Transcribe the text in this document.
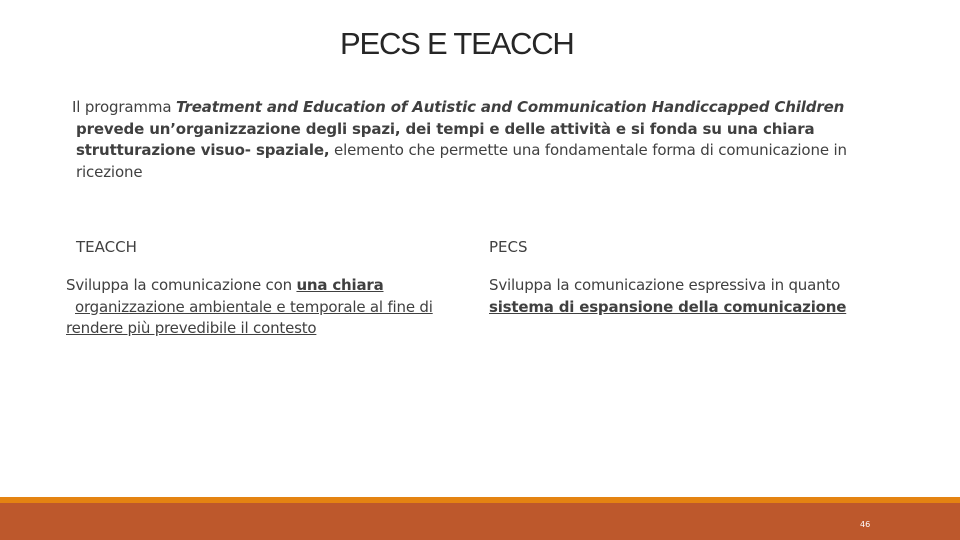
PECS E TEACCH

Il programma Treatment and Education of Autistic and Communication Handiccapped Children
prevede un’organizzazione degli spazi, dei tempi e delle attività e si fonda su una chiara strutturazione visuo- spaziale, elemento che permette una fondamentale forma di comunicazione in ricezione

TEACCH	PECS

Sviluppa la comunicazione con una chiara
organizzazione ambientale e temporale al fine di rendere più prevedibile il contesto

Sviluppa la comunicazione espressiva in quanto
sistema di espansione della comunicazione

46
